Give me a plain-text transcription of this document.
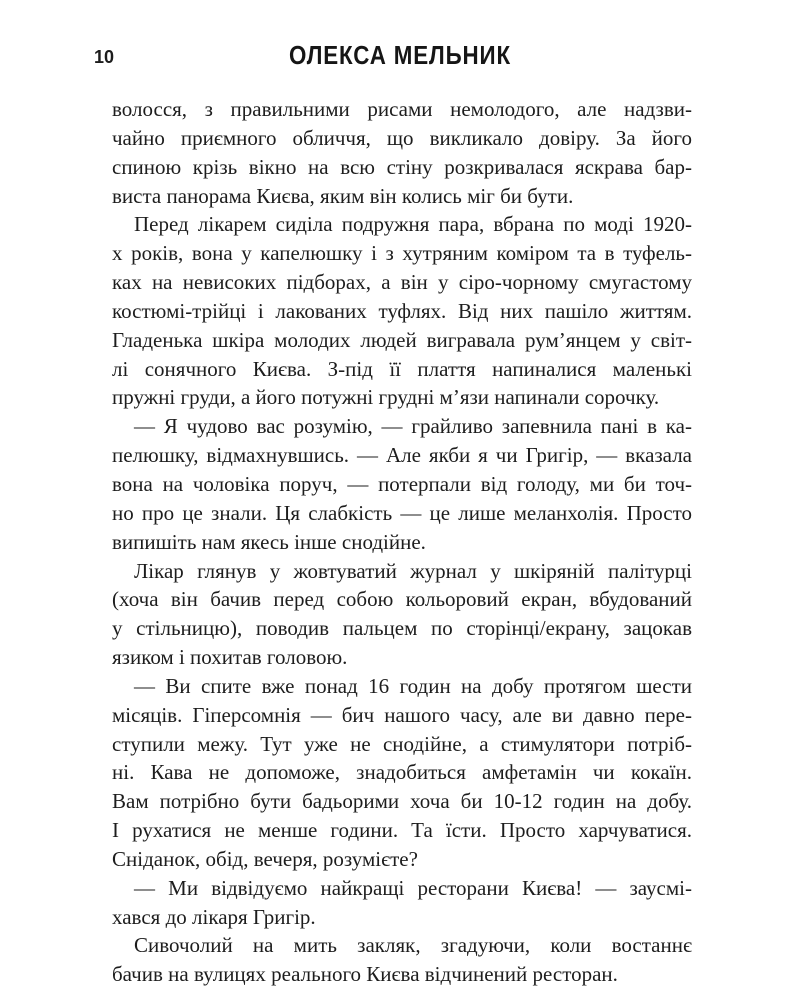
10	ОЛЕКСА МЕЛЬНИК
волосся, з правильними рисами немолодого, але надзви-
чайно приємного обличчя, що викликало довіру. За його
спиною крізь вікно на всю стіну розкривалася яскрава бар-
виста панорама Києва, яким він колись міг би бути.
Перед лікарем сиділа подружня пара, вбрана по моді 1920-
х років, вона у капелюшку і з хутряним коміром та в туфель-
ках на невисоких підборах, а він у сіро-чорному смугастому
костюмі-трійці і лакованих туфлях. Від них пашіло життям.
Гладенька шкіра молодих людей вигравала рум’янцем у світ-
лі сонячного Києва. З-під її плаття напиналися маленькі
пружні груди, а його потужні грудні м’язи напинали сорочку.
— Я чудово вас розумію, — грайливо запевнила пані в ка-
пелюшку, відмахнувшись. — Але якби я чи Григір, — вказала
вона на чоловіка поруч, — потерпали від голоду, ми би точ-
но про це знали. Ця слабкість — це лише меланхолія. Просто
випишіть нам якесь інше снодійне.
Лікар глянув у жовтуватий журнал у шкіряній палітурці
(хоча він бачив перед собою кольоровий екран, вбудований
у стільницю), поводив пальцем по сторінці/екрану, зацокав
язиком і похитав головою.
— Ви спите вже понад 16 годин на добу протягом шести
місяців. Гіперсомнія — бич нашого часу, але ви давно пере-
ступили межу. Тут уже не снодійне, а стимулятори потріб-
ні. Кава не допоможе, знадобиться амфетамін чи кокаїн.
Вам потрібно бути бадьорими хоча би 10-12 годин на добу.
І рухатися не менше години. Та їсти. Просто харчуватися.
Сніданок, обід, вечеря, розумієте?
— Ми відвідуємо найкращі ресторани Києва! — заусмі-
хався до лікаря Григір.
Сивочолий на мить закляк, згадуючи, коли востаннє
бачив на вулицях реального Києва відчинений ресторан.
